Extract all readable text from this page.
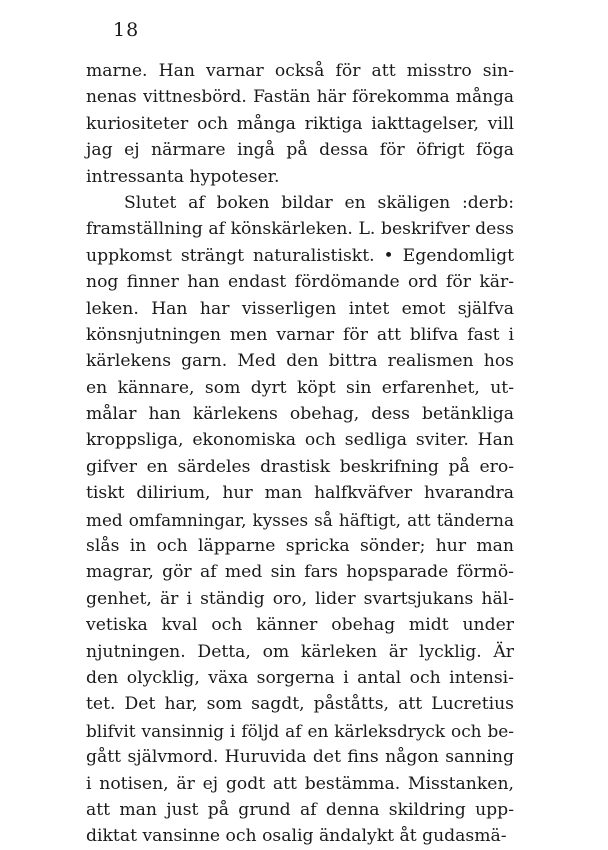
18
marne. Han varnar också för att misstro sin-
nenas vittnesbörd. Fastän här förekomma många
kuriositeter och många riktiga iakttagelser, vill
jag ej närmare ingå på dessa för öfrigt föga
intressanta hypoteser.
Slutet af boken bildar en skäligen :derb:
framställning af könskärleken. L. beskrifver dess
uppkomst strängt naturalistiskt. • Egendomligt
nog finner han endast fördömande ord för kär-
leken. Han har visserligen intet emot själfva
könsnjutningen men varnar för att blifva fast i
kärlekens garn. Med den bittra realismen hos
en kännare, som dyrt köpt sin erfarenhet, ut-
målar han kärlekens obehag, dess betänkliga
kroppsliga, ekonomiska och sedliga sviter. Han
gifver en särdeles drastisk beskrifning på ero-
tiskt dilirium, hur man halfkväfver hvarandra
med omfamningar, kysses så häftigt, att tänderna
slås in och läpparne spricka sönder; hur man
magrar, gör af med sin fars hopsparade förmö-
genhet, är i ständig oro, lider svartsjukans häl-
vetiska kval och känner obehag midt under
njutningen. Detta, om kärleken är lycklig. Är
den olycklig, växa sorgerna i antal och intensi-
tet. Det har, som sagdt, påståtts, att Lucretius
blifvit vansinnig i följd af en kärleksdryck och be-
gått självmord. Huruvida det fins någon sanning
i notisen, är ej godt att bestämma. Misstanken,
att man just på grund af denna skildring upp-
diktat vansinne och osalig ändalykt åt gudasmä-
